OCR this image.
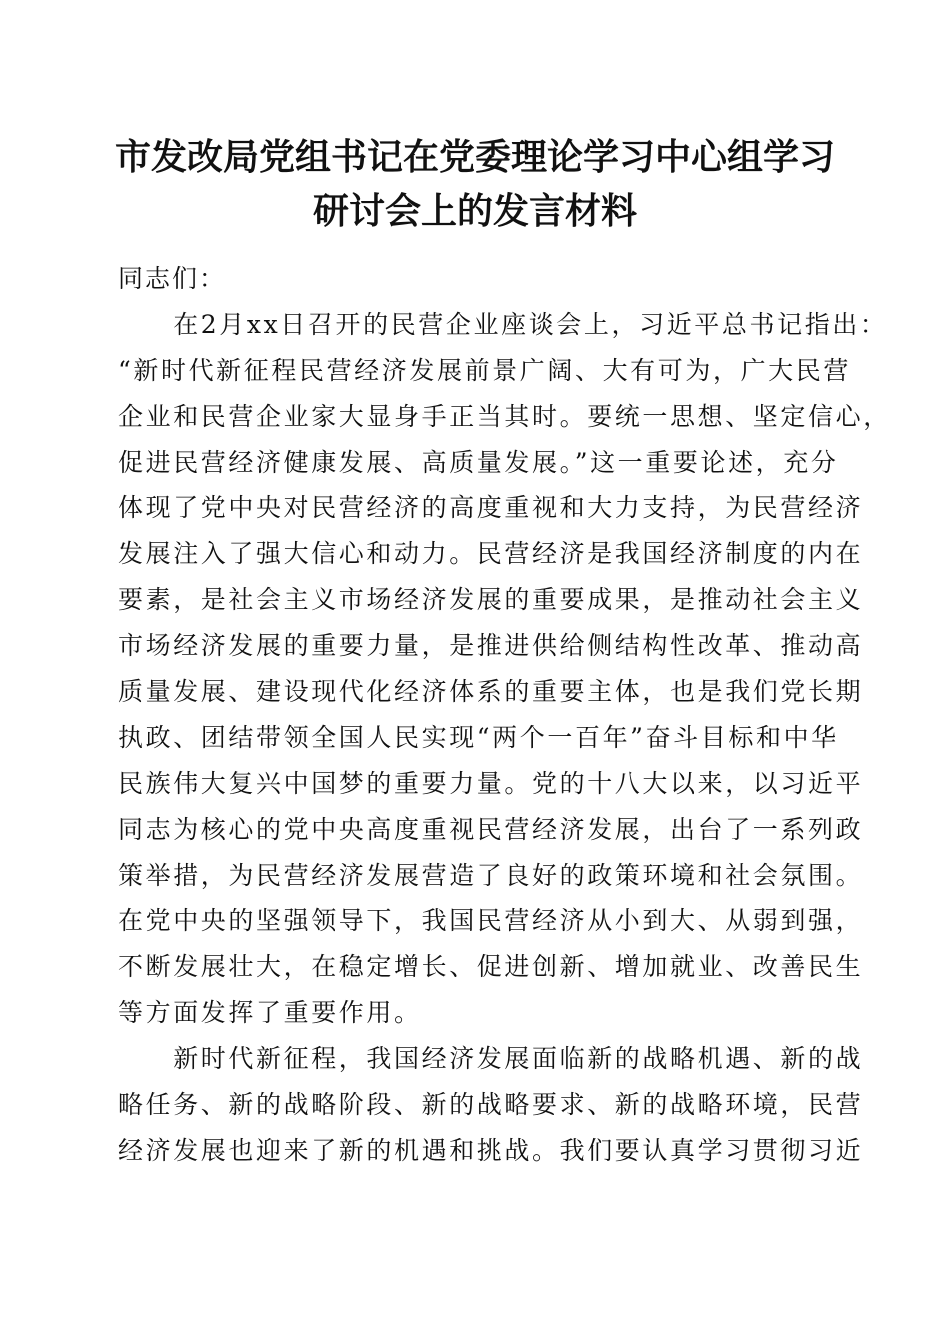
市发改局党组书记在党委理论学习中心组学习
研讨会上的发言材料
同志们：
　　在2月xx日召开的民营企业座谈会上，习近平总书记指出：
“新时代新征程民营经济发展前景广阔、大有可为，广大民营
企业和民营企业家大显身手正当其时。要统一思想、坚定信心，
促进民营经济健康发展、高质量发展。”这一重要论述，充分
体现了党中央对民营经济的高度重视和大力支持，为民营经济
发展注入了强大信心和动力。民营经济是我国经济制度的内在
要素，是社会主义市场经济发展的重要成果，是推动社会主义
市场经济发展的重要力量，是推进供给侧结构性改革、推动高
质量发展、建设现代化经济体系的重要主体，也是我们党长期
执政、团结带领全国人民实现“两个一百年”奋斗目标和中华
民族伟大复兴中国梦的重要力量。党的十八大以来，以习近平
同志为核心的党中央高度重视民营经济发展，出台了一系列政
策举措，为民营经济发展营造了良好的政策环境和社会氛围。
在党中央的坚强领导下，我国民营经济从小到大、从弱到强，
不断发展壮大，在稳定增长、促进创新、增加就业、改善民生
等方面发挥了重要作用。
　　新时代新征程，我国经济发展面临新的战略机遇、新的战
略任务、新的战略阶段、新的战略要求、新的战略环境，民营
经济发展也迎来了新的机遇和挑战。我们要认真学习贯彻习近
